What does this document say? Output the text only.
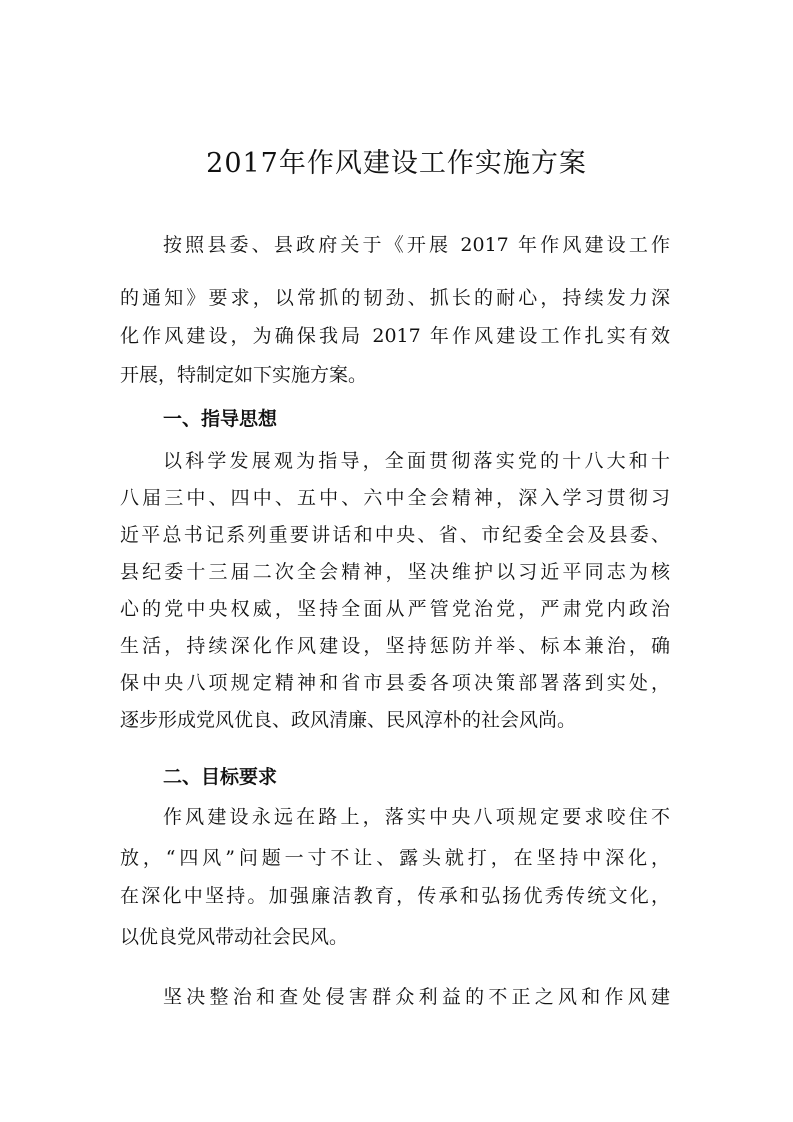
2017年作风建设工作实施方案
按照县委、县政府关于《开展 2017 年作风建设工作
的通知》要求，以常抓的韧劲、抓长的耐心，持续发力深
化作风建设，为确保我局 2017 年作风建设工作扎实有效
开展，特制定如下实施方案。
一、指导思想
以科学发展观为指导，全面贯彻落实党的十八大和十
八届三中、四中、五中、六中全会精神，深入学习贯彻习
近平总书记系列重要讲话和中央、省、市纪委全会及县委、
县纪委十三届二次全会精神，坚决维护以习近平同志为核
心的党中央权威，坚持全面从严管党治党，严肃党内政治
生活，持续深化作风建设，坚持惩防并举、标本兼治，确
保中央八项规定精神和省市县委各项决策部署落到实处，
逐步形成党风优良、政风清廉、民风淳朴的社会风尚。
二、目标要求
作风建设永远在路上，落实中央八项规定要求咬住不
放，“四风”问题一寸不让、露头就打，在坚持中深化，
在深化中坚持。加强廉洁教育，传承和弘扬优秀传统文化，
以优良党风带动社会民风。
坚决整治和查处侵害群众利益的不正之风和作风建
